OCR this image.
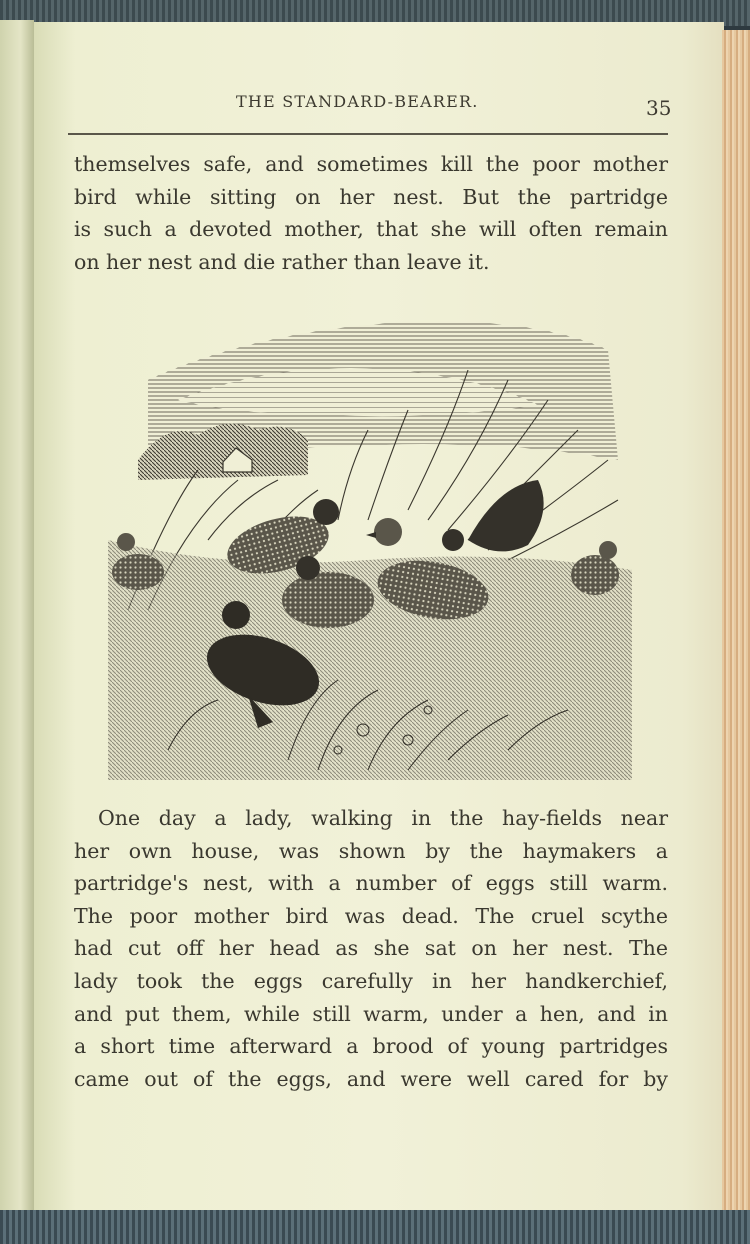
THE STANDARD-BEARER.	35

themselves safe, and sometimes kill the poor mother
bird while sitting on her nest. But the partridge
is such a devoted mother, that she will often remain
on her nest and die rather than leave it.

One day a lady, walking in the hay-fields near
her own house, was shown by the haymakers a
partridge's nest, with a number of eggs still warm.
The poor mother bird was dead. The cruel scythe
had cut off her head as she sat on her nest. The
lady took the eggs carefully in her handkerchief,
and put them, while still warm, under a hen, and in
a short time afterward a brood of young partridges
came out of the eggs, and were well cared for by
